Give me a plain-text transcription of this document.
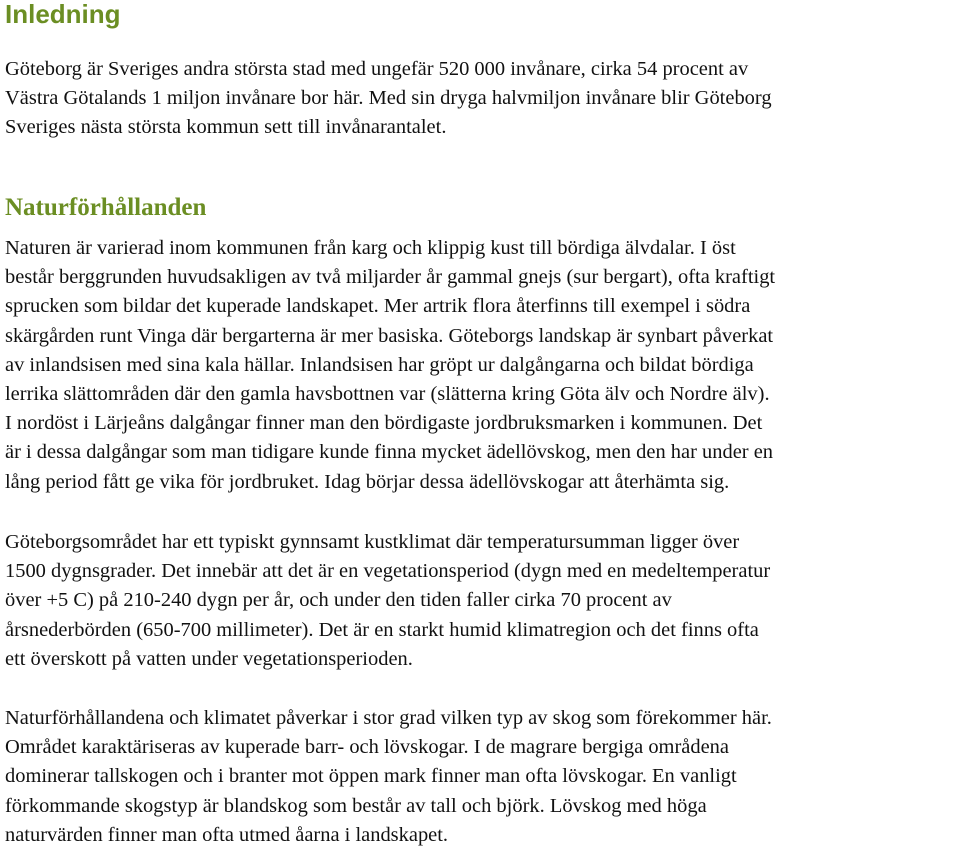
Inledning

Göteborg är Sveriges andra största stad med ungefär 520 000 invånare, cirka 54 procent av
Västra Götalands 1 miljon invånare bor här. Med sin dryga halvmiljon invånare blir Göteborg
Sveriges nästa största kommun sett till invånarantalet.

Naturförhållanden

Naturen är varierad inom kommunen från karg och klippig kust till bördiga älvdalar. I öst
består berggrunden huvudsakligen av två miljarder år gammal gnejs (sur bergart), ofta kraftigt
sprucken som bildar det kuperade landskapet. Mer artrik flora återfinns till exempel i södra
skärgården runt Vinga där bergarterna är mer basiska. Göteborgs landskap är synbart påverkat
av inlandsisen med sina kala hällar. Inlandsisen har gröpt ur dalgångarna och bildat bördiga
lerrika slättområden där den gamla havsbottnen var (slätterna kring Göta älv och Nordre älv).
I nordöst i Lärjeåns dalgångar finner man den bördigaste jordbruksmarken i kommunen. Det
är i dessa dalgångar som man tidigare kunde finna mycket ädellövskog, men den har under en
lång period fått ge vika för jordbruket. Idag börjar dessa ädellövskogar att återhämta sig.

Göteborgsområdet har ett typiskt gynnsamt kustklimat där temperatursumman ligger över
1500 dygnsgrader. Det innebär att det är en vegetationsperiod (dygn med en medeltemperatur
över +5 C) på 210-240 dygn per år, och under den tiden faller cirka 70 procent av
årsnederbörden (650-700 millimeter). Det är en starkt humid klimatregion och det finns ofta
ett överskott på vatten under vegetationsperioden.

Naturförhållandena och klimatet påverkar i stor grad vilken typ av skog som förekommer här.
Området karaktäriseras av kuperade barr- och lövskogar. I de magrare bergiga områdena
dominerar tallskogen och i branter mot öppen mark finner man ofta lövskogar. En vanligt
förkommande skogstyp är blandskog som består av tall och björk. Lövskog med höga
naturvärden finner man ofta utmed åarna i landskapet.
